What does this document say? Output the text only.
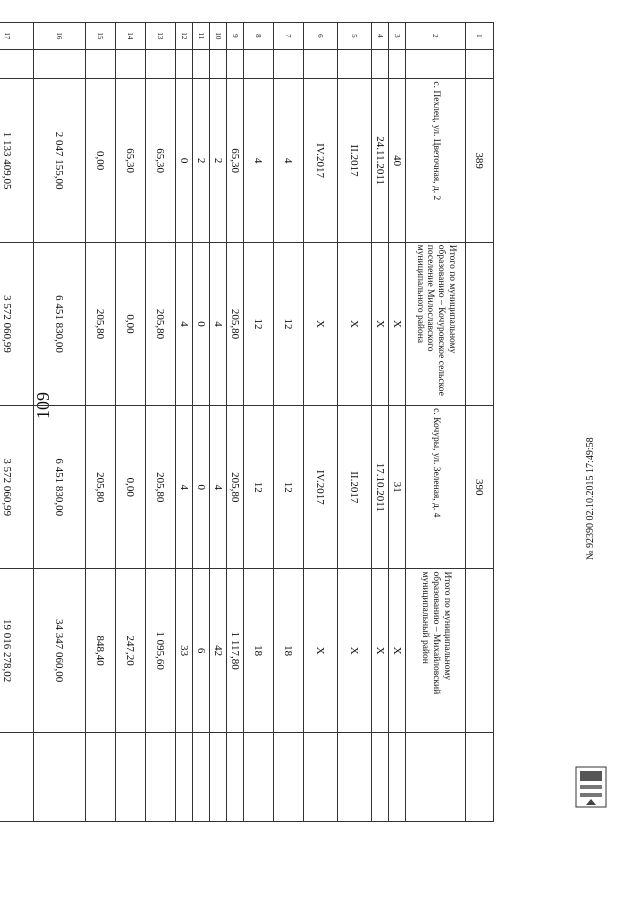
109
1		389		390		
2		с. Пехлец, ул. Цветочная, д. 2	Итого по муниципальному образованию – Кочуровское сельское поселение Милославского муниципального района	с. Кочуры, ул. Зеленая, д. 4	Итого по муниципальному образованию – Михайловский муниципальный район	
3		40	X	31	X	
4		24.11.2011	X	17.10.2011	X	
5		II.2017	X	II.2017	X	
6		IV.2017	X	IV.2017	X	
7		4	12	12	18	
8		4	12	12	18	
9		65,30	205,80	205,80	1 117,80	
10		2	4	4	42	
11		2	0	0	6	
12		0	4	4	33	
13		65,30	205,80	205,80	1 095,60	
14		65,30	0,00	0,00	247,20	
15		0,00	205,80	205,80	848,40	
16		2 047 155,00	6 451 830,00	6 451 830,00	34 347 060,00	
17		1 133 409,05	3 572 060,99	3 572 060,99	19 016 278,02	

№ 92390 02.10.2015 17:49:58
